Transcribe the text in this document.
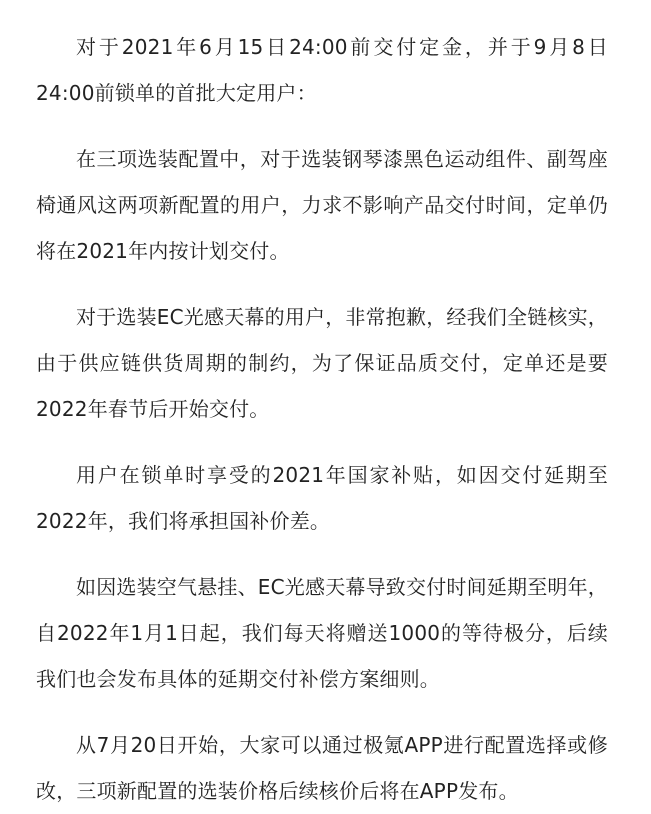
对于2021年6月15日24:00前交付定金，并于9月8日24:00前锁单的首批大定用户：

在三项选装配置中，对于选装钢琴漆黑色运动组件、副驾座椅通风这两项新配置的用户，力求不影响产品交付时间，定单仍将在2021年内按计划交付。

对于选装EC光感天幕的用户，非常抱歉，经我们全链核实，由于供应链供货周期的制约，为了保证品质交付，定单还是要2022年春节后开始交付。

用户在锁单时享受的2021年国家补贴，如因交付延期至2022年，我们将承担国补价差。

如因选装空气悬挂、EC光感天幕导致交付时间延期至明年，自2022年1月1日起，我们每天将赠送1000的等待极分，后续我们也会发布具体的延期交付补偿方案细则。

从7月20日开始，大家可以通过极氪APP进行配置选择或修改，三项新配置的选装价格后续核价后将在APP发布。
